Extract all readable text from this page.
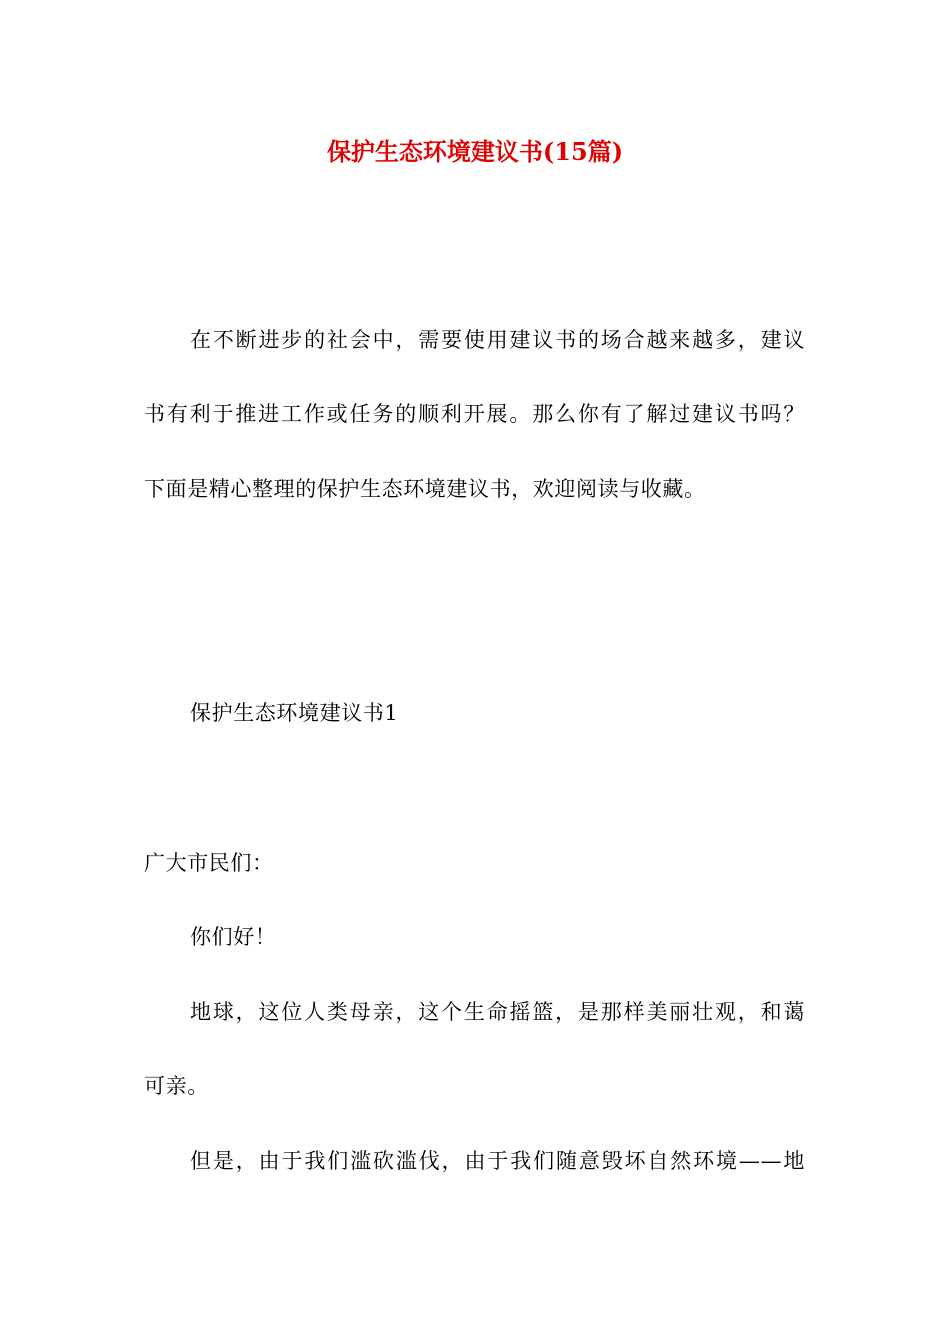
保护生态环境建议书(15篇)
在不断进步的社会中，需要使用建议书的场合越来越多，建议
书有利于推进工作或任务的顺利开展。那么你有了解过建议书吗？
下面是精心整理的保护生态环境建议书，欢迎阅读与收藏。
保护生态环境建议书1
广大市民们：
你们好！
地球，这位人类母亲，这个生命摇篮，是那样美丽壮观，和蔼
可亲。
但是，由于我们滥砍滥伐，由于我们随意毁坏自然环境——地
